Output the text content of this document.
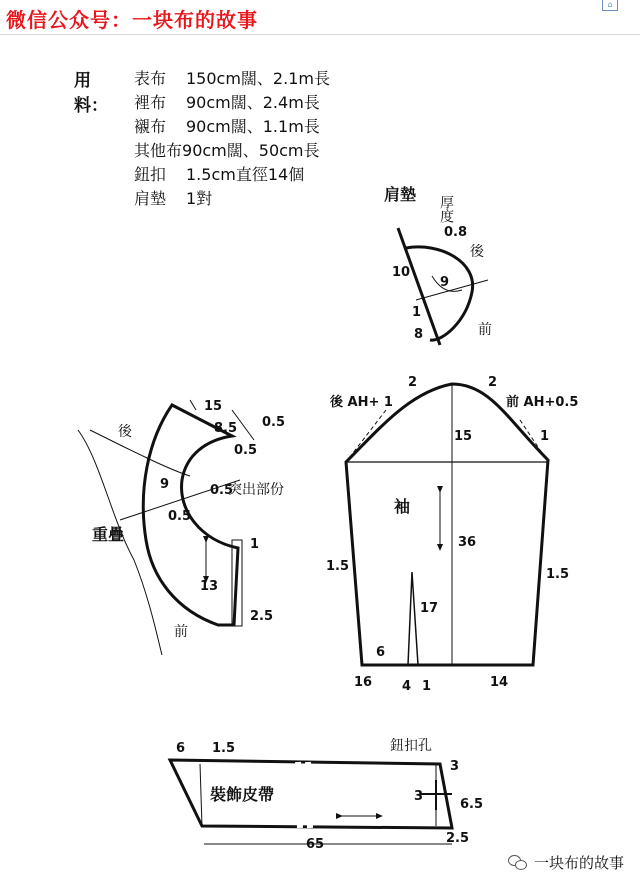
微信公众号：一块布的故事
⌂
用料：
表布 150cm闊、2.1m長
裡布 90cm闊、2.4m長
襯布 90cm闊、1.1m長
其他布90cm闊、50cm長
鈕扣 1.5cm直徑14個
肩墊 1對	肩墊
厚度
0.8
後
前
10
9
1
8
後
前
重疊
突出部份
15
8.5 0.5
0.5
0.5
0.5
9
1
13
2.5
後 AH+ 1	前 AH+0.5
袖
2	2
15	1
36
1.5
1.5
17
6
16 4 1	14
裝飾皮帶
鈕扣孔
6 1.5
3
3
6.5
2.5
65
一块布的故事
